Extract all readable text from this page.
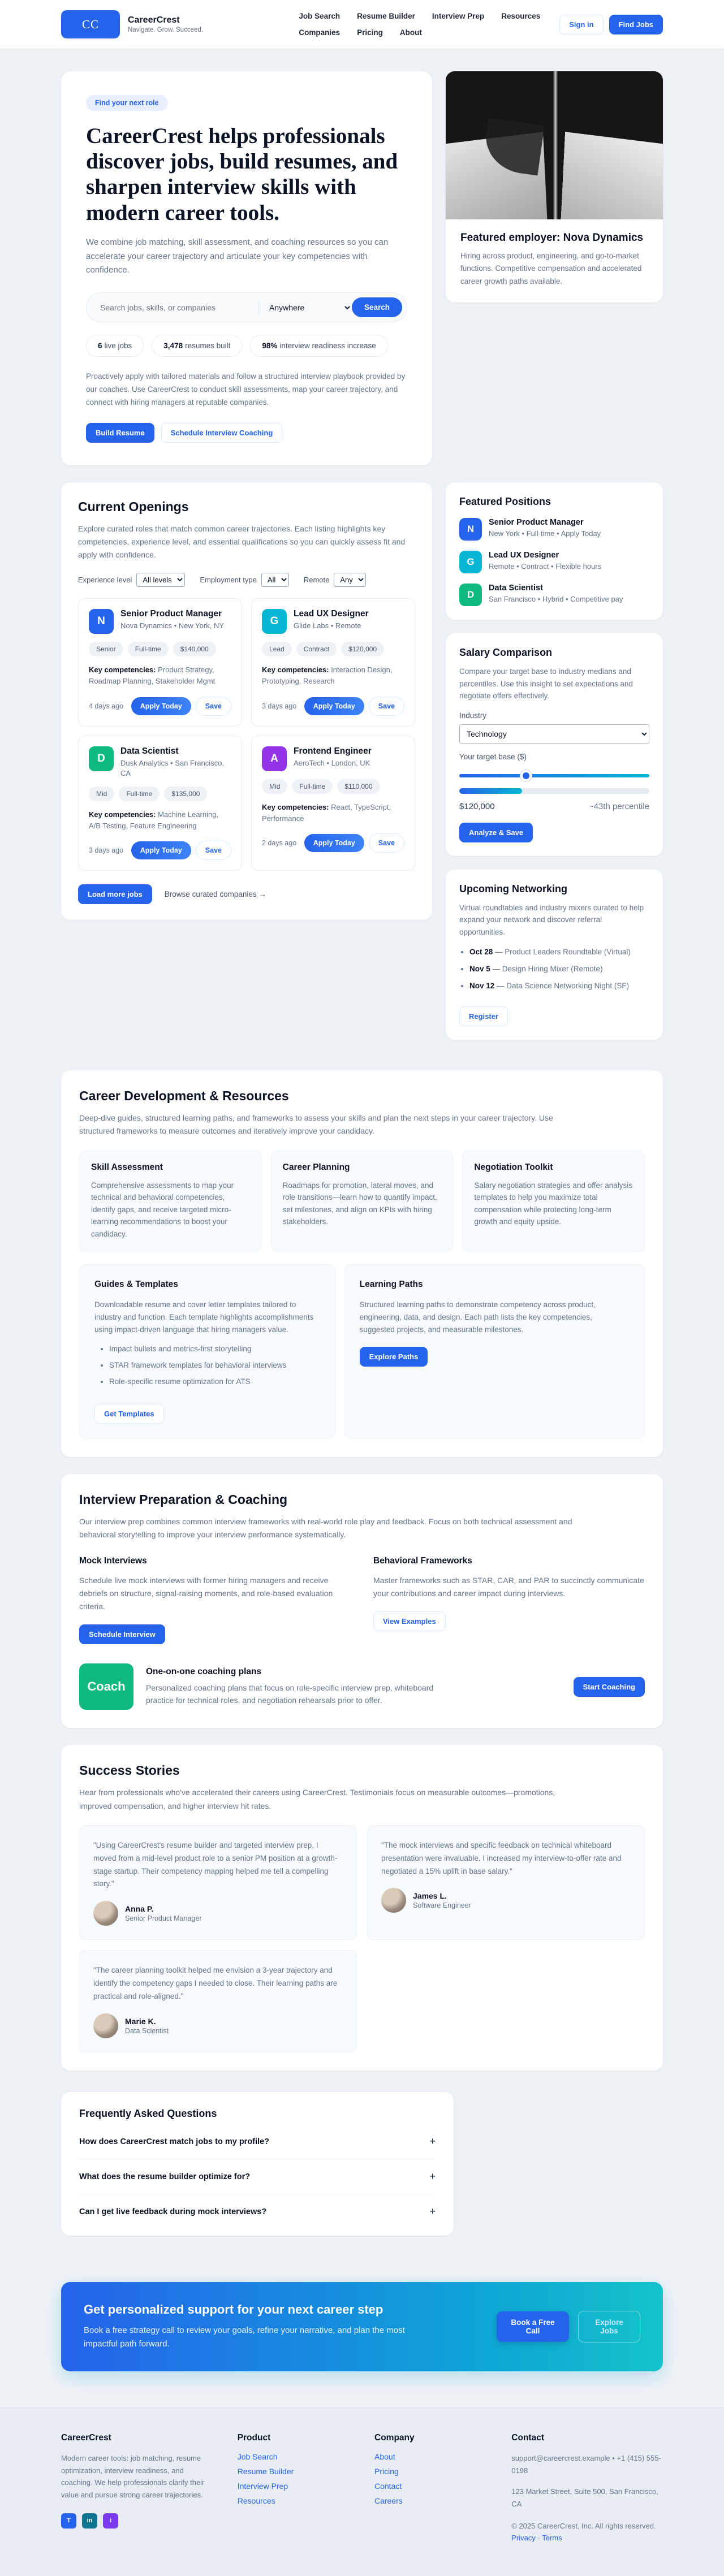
CC	CareerCrest
Navigate. Grow. Succeed.
Job Search Resume Builder Interview Prep Resources
Companies Pricing About
Sign in	Find Jobs
Find your next role
CareerCrest helps professionals discover jobs, build resumes, and sharpen interview skills with modern career tools.

We combine job matching, skill assessment, and coaching resources so you can accelerate your career trajectory and articulate your key competencies with confidence.

Search jobs, skills, or companies
Anywhere
Search
6 live jobs	3,478 resumes built	98% interview readiness increase

Proactively apply with tailored materials and follow a structured interview playbook provided by our coaches. Use CareerCrest to conduct skill assessments, map your career trajectory, and connect with hiring managers at reputable companies.

Build Resume	Schedule Interview Coaching
Featured employer: Nova Dynamics

Hiring across product, engineering, and go-to-market functions. Competitive compensation and accelerated career growth paths available.

Current Openings

Explore curated roles that match common career trajectories. Each listing highlights key competencies, experience level, and essential qualifications so you can quickly assess fit and apply with confidence.

Experience level
All levels	Employment type
All	Remote
Any
N
Senior Product Manager
Nova Dynamics • New York, NY
Senior	Full-time	$140,000
Key competencies: Product Strategy, Roadmap Planning, Stakeholder Mgmt
4 days ago	Apply Today	Save
G
Lead UX Designer
Glide Labs • Remote
Lead	Contract	$120,000
Key competencies: Interaction Design, Prototyping, Research
3 days ago	Apply Today	Save
D
Data Scientist
Dusk Analytics • San Francisco, CA
Mid	Full-time	$135,000
Key competencies: Machine Learning, A/B Testing, Feature Engineering
3 days ago	Apply Today	Save
A
Frontend Engineer
AeroTech • London, UK
Mid	Full-time	$110,000
Key competencies: React, TypeScript, Performance
2 days ago	Apply Today	Save
Load more jobs	Browse curated companies →
Featured Positions
N
Senior Product Manager
New York • Full-time • Apply Today
G
Lead UX Designer
Remote • Contract • Flexible hours
D
Data Scientist
San Francisco • Hybrid • Competitive pay
Salary Comparison

Compare your target base to industry medians and percentiles. Use this insight to set expectations and negotiate offers effectively.

Industry
Technology
Your target base ($)
$120,000	~43th percentile
Analyze & Save
Upcoming Networking

Virtual roundtables and industry mixers curated to help expand your network and discover referral opportunities.

• Oct 28 — Product Leaders Roundtable (Virtual)
• Nov 5 — Design Hiring Mixer (Remote)
• Nov 12 — Data Science Networking Night (SF)
Register
Career Development & Resources

Deep-dive guides, structured learning paths, and frameworks to assess your skills and plan the next steps in your career trajectory. Use structured frameworks to measure outcomes and iteratively improve your candidacy.

Skill Assessment

Comprehensive assessments to map your technical and behavioral competencies, identify gaps, and receive targeted micro-learning recommendations to boost your candidacy.

Career Planning

Roadmaps for promotion, lateral moves, and role transitions—learn how to quantify impact, set milestones, and align on KPIs with hiring stakeholders.

Negotiation Toolkit

Salary negotiation strategies and offer analysis templates to help you maximize total compensation while protecting long-term growth and equity upside.

Guides & Templates

Downloadable resume and cover letter templates tailored to industry and function. Each template highlights accomplishments using impact-driven language that hiring managers value.

• Impact bullets and metrics-first storytelling
• STAR framework templates for behavioral interviews
• Role-specific resume optimization for ATS
Get Templates
Learning Paths

Structured learning paths to demonstrate competency across product, engineering, data, and design. Each path lists the key competencies, suggested projects, and measurable milestones.

Explore Paths
Interview Preparation & Coaching

Our interview prep combines common interview frameworks with real-world role play and feedback. Focus on both technical assessment and behavioral storytelling to improve your interview performance systematically.

Mock Interviews

Schedule live mock interviews with former hiring managers and receive debriefs on structure, signal-raising moments, and role-based evaluation criteria.

Schedule Interview
Behavioral Frameworks

Master frameworks such as STAR, CAR, and PAR to succinctly communicate your contributions and career impact during interviews.

View Examples
Coach
One-on-one coaching plans

Personalized coaching plans that focus on role-specific interview prep, whiteboard practice for technical roles, and negotiation rehearsals prior to offer.

Start Coaching
Success Stories

Hear from professionals who've accelerated their careers using CareerCrest. Testimonials focus on measurable outcomes—promotions, improved compensation, and higher interview hit rates.

"Using CareerCrest's resume builder and targeted interview prep, I moved from a mid-level product role to a senior PM position at a growth-stage startup. Their competency mapping helped me tell a compelling story."

Anna P.
Senior Product Manager

"The mock interviews and specific feedback on technical whiteboard presentation were invaluable. I increased my interview-to-offer rate and negotiated a 15% uplift in base salary."

James L.
Software Engineer

"The career planning toolkit helped me envision a 3-year trajectory and identify the competency gaps I needed to close. Their learning paths are practical and role-aligned."

Marie K.
Data Scientist
Frequently Asked Questions
How does CareerCrest match jobs to my profile?	+
What does the resume builder optimize for?	+
Can I get live feedback during mock interviews?	+
Get personalized support for your next career step

Book a free strategy call to review your goals, refine your narrative, and plan the most impactful path forward.

Book a Free Call
Explore Jobs
CareerCrest

Modern career tools: job matching, resume optimization, interview readiness, and coaching. We help professionals clarify their value and pursue strong career trajectories.

T	in	i
Product
Job Search
Resume Builder
Interview Prep
Resources
Company
About
Pricing
Contact
Careers
Contact

support@careercrest.example • +1 (415) 555-0198

123 Market Street, Suite 500, San Francisco, CA

© 2025 CareerCrest, Inc. All rights reserved. Privacy · Terms
